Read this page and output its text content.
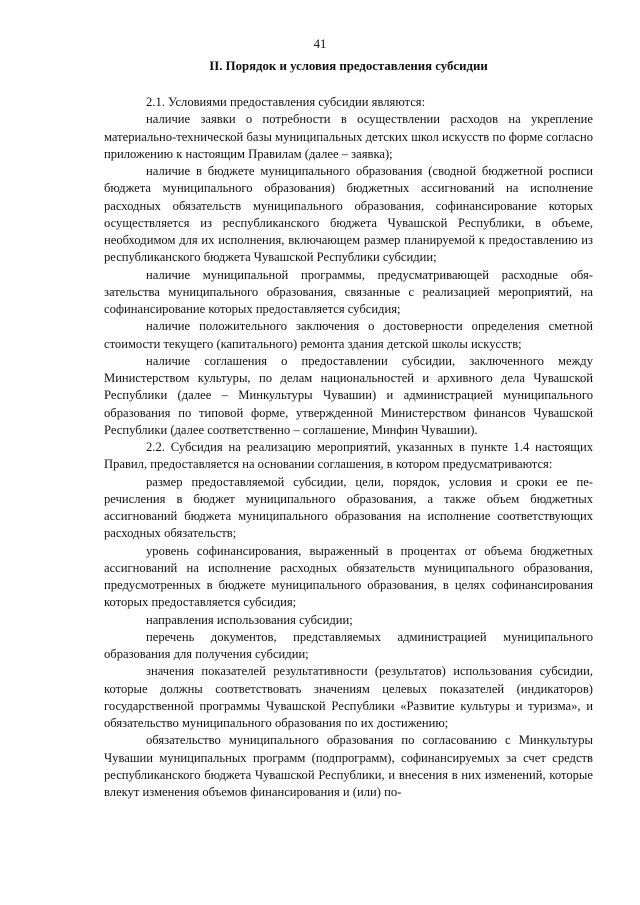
41
II. Порядок и условия предоставления субсидии

2.1. Условиями предоставления субсидии являются:

наличие заявки о потребности в осуществлении расходов на укрепление материально-технической базы муниципальных детских школ искусств по форме согласно приложению к настоящим Правилам (далее – заявка);

наличие в бюджете муниципального образования (сводной бюджетной росписи бюджета муниципального образования) бюджетных ассигнований на исполнение расходных обязательств муниципального образования, софинансирование которых осуществляется из республиканского бюджета Чувашской Республики, в объеме, необходимом для их исполнения, включающем размер планируемой к предоставлению из республиканского бюджета Чувашской Республики субсидии;

наличие муниципальной программы, предусматривающей расходные обязательства муниципального образования, связанные с реализацией мероприятий, на софинансирование которых предоставляется субсидия;

наличие положительного заключения о достоверности определения сметной стоимости текущего (капитального) ремонта здания детской школы искусств;

наличие соглашения о предоставлении субсидии, заключенного между Министерством культуры, по делам национальностей и архивного дела Чувашской Республики (далее – Минкультуры Чувашии) и администрацией муниципального образования по типовой форме, утвержденной Министерством финансов Чувашской Республики (далее соответственно – соглашение, Минфин Чувашии).

2.2. Субсидия на реализацию мероприятий, указанных в пункте 1.4 настоящих Правил, предоставляется на основании соглашения, в котором предусматриваются:

размер предоставляемой субсидии, цели, порядок, условия и сроки ее перечисления в бюджет муниципального образования, а также объем бюджетных ассигнований бюджета муниципального образования на исполнение соответствующих расходных обязательств;

уровень софинансирования, выраженный в процентах от объема бюджетных ассигнований на исполнение расходных обязательств муниципального образования, предусмотренных в бюджете муниципального образования, в целях софинансирования которых предоставляется субсидия;

направления использования субсидии;

перечень документов, представляемых администрацией муниципального образования для получения субсидии;

значения показателей результативности (результатов) использования субсидии, которые должны соответствовать значениям целевых показателей (индикаторов) государственной программы Чувашской Республики «Развитие культуры и туризма», и обязательство муниципального образования по их достижению;

обязательство муниципального образования по согласованию с Минкультуры Чувашии муниципальных программ (подпрограмм), софинансируемых за счет средств республиканского бюджета Чувашской Республики, и внесения в них изменений, которые влекут изменения объемов финансирования и (или) по-
